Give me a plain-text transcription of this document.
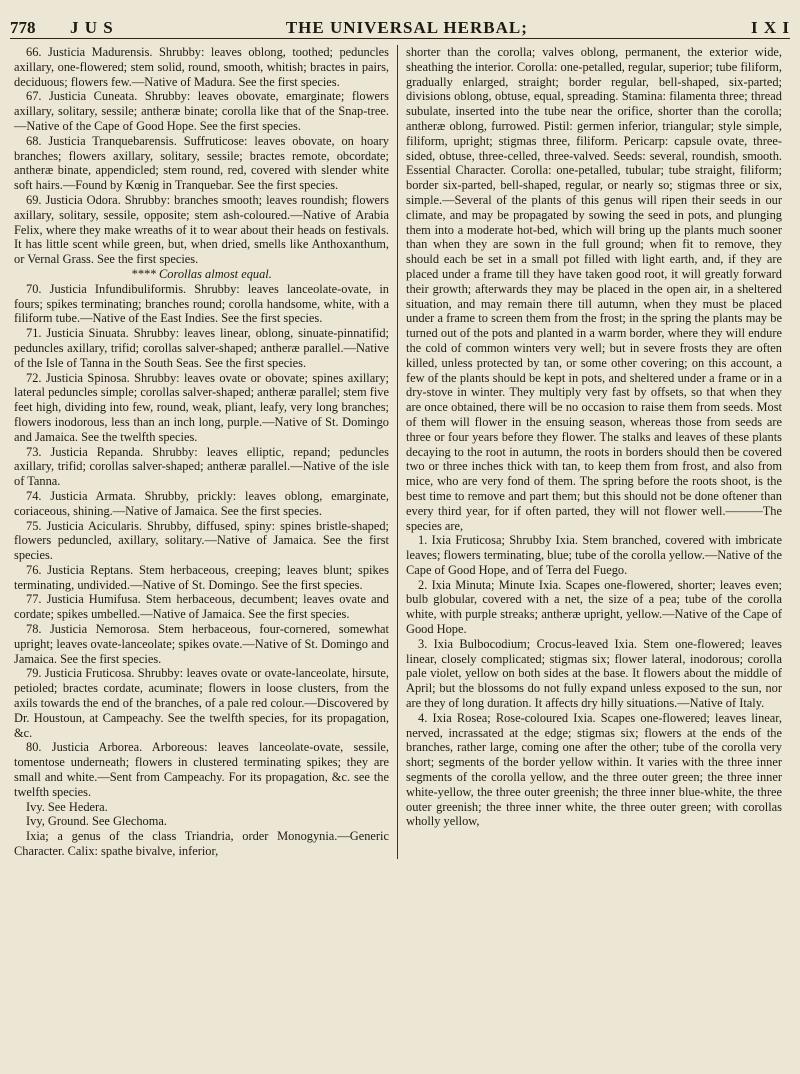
778	J U S	THE UNIVERSAL HERBAL;	I X I

66. Justicia Madurensis. Shrubby: leaves oblong, toothed; peduncles axillary, one-flowered; stem solid, round, smooth, whitish; bractes in pairs, deciduous; flowers few.—Native of Madura. See the first species.

67. Justicia Cuneata. Shrubby: leaves obovate, emarginate; flowers axillary, solitary, sessile; antheræ binate; corolla like that of the Snap-tree.—Native of the Cape of Good Hope. See the first species.

68. Justicia Tranquebarensis. Suffruticose: leaves obovate, on hoary branches; flowers axillary, solitary, sessile; bractes remote, obcordate; antheræ binate, appendicled; stem round, red, covered with slender white soft hairs.—Found by Kœnig in Tranquebar. See the first species.

69. Justicia Odora. Shrubby: branches smooth; leaves roundish; flowers axillary, solitary, sessile, opposite; stem ash-coloured.—Native of Arabia Felix, where they make wreaths of it to wear about their heads on festivals. It has little scent while green, but, when dried, smells like Anthoxanthum, or Vernal Grass. See the first species.

**** Corollas almost equal.

70. Justicia Infundibuliformis. Shrubby: leaves lanceolate-ovate, in fours; spikes terminating; branches round; corolla handsome, white, with a filiform tube.—Native of the East Indies. See the first species.

71. Justicia Sinuata. Shrubby: leaves linear, oblong, sinuate-pinnatifid; peduncles axillary, trifid; corollas salver-shaped; antheræ parallel.—Native of the Isle of Tanna in the South Seas. See the first species.

72. Justicia Spinosa. Shrubby: leaves ovate or obovate; spines axillary; lateral peduncles simple; corollas salver-shaped; antheræ parallel; stem five feet high, dividing into few, round, weak, pliant, leafy, very long branches; flowers inodorous, less than an inch long, purple.—Native of St. Domingo and Jamaica. See the twelfth species.

73. Justicia Repanda. Shrubby: leaves elliptic, repand; peduncles axillary, trifid; corollas salver-shaped; antheræ parallel.—Native of the isle of Tanna.

74. Justicia Armata. Shrubby, prickly: leaves oblong, emarginate, coriaceous, shining.—Native of Jamaica. See the first species.

75. Justicia Acicularis. Shrubby, diffused, spiny: spines bristle-shaped; flowers peduncled, axillary, solitary.—Native of Jamaica. See the first species.

76. Justicia Reptans. Stem herbaceous, creeping; leaves blunt; spikes terminating, undivided.—Native of St. Domingo. See the first species.

77. Justicia Humifusa. Stem herbaceous, decumbent; leaves ovate and cordate; spikes umbelled.—Native of Jamaica. See the first species.

78. Justicia Nemorosa. Stem herbaceous, four-cornered, somewhat upright; leaves ovate-lanceolate; spikes ovate.—Native of St. Domingo and Jamaica. See the first species.

79. Justicia Fruticosa. Shrubby: leaves ovate or ovate-lanceolate, hirsute, petioled; bractes cordate, acuminate; flowers in loose clusters, from the axils towards the end of the branches, of a pale red colour.—Discovered by Dr. Houstoun, at Campeachy. See the twelfth species, for its propagation, &c.

80. Justicia Arborea. Arboreous: leaves lanceolate-ovate, sessile, tomentose underneath; flowers in clustered terminating spikes; they are small and white.—Sent from Campeachy. For its propagation, &c. see the twelfth species.

Ivy. See Hedera.

Ivy, Ground. See Glechoma.

Ixia; a genus of the class Triandria, order Monogynia.—Generic Character. Calix: spathe bivalve, inferior,

shorter than the corolla; valves oblong, permanent, the exterior wide, sheathing the interior. Corolla: one-petalled, regular, superior; tube filiform, gradually enlarged, straight; border regular, bell-shaped, six-parted; divisions oblong, obtuse, equal, spreading. Stamina: filamenta three; thread subulate, inserted into the tube near the orifice, shorter than the corolla; antheræ oblong, furrowed. Pistil: germen inferior, triangular; style simple, filiform, upright; stigmas three, filiform. Pericarp: capsule ovate, three-sided, obtuse, three-celled, three-valved. Seeds: several, roundish, smooth. Essential Character. Corolla: one-petalled, tubular; tube straight, filiform; border six-parted, bell-shaped, regular, or nearly so; stigmas three or six, simple.—Several of the plants of this genus will ripen their seeds in our climate, and may be propagated by sowing the seed in pots, and plunging them into a moderate hot-bed, which will bring up the plants much sooner than when they are sown in the full ground; when fit to remove, they should each be set in a small pot filled with light earth, and, if they are placed under a frame till they have taken good root, it will greatly forward their growth; afterwards they may be placed in the open air, in a sheltered situation, and may remain there till autumn, when they must be placed under a frame to screen them from the frost; in the spring the plants may be turned out of the pots and planted in a warm border, where they will endure the cold of common winters very well; but in severe frosts they are often killed, unless protected by tan, or some other covering; on this account, a few of the plants should be kept in pots, and sheltered under a frame or in a dry-stove in winter. They multiply very fast by offsets, so that when they are once obtained, there will be no occasion to raise them from seeds. Most of them will flower in the ensuing season, whereas those from seeds are three or four years before they flower. The stalks and leaves of these plants decaying to the root in autumn, the roots in borders should then be covered two or three inches thick with tan, to keep them from frost, and also from mice, who are very fond of them. The spring before the roots shoot, is the best time to remove and part them; but this should not be done oftener than every third year, for if often parted, they will not flower well.———The species are,

1. Ixia Fruticosa; Shrubby Ixia. Stem branched, covered with imbricate leaves; flowers terminating, blue; tube of the corolla yellow.—Native of the Cape of Good Hope, and of Terra del Fuego.

2. Ixia Minuta; Minute Ixia. Scapes one-flowered, shorter; leaves even; bulb globular, covered with a net, the size of a pea; tube of the corolla white, with purple streaks; antheræ upright, yellow.—Native of the Cape of Good Hope.

3. Ixia Bulbocodium; Crocus-leaved Ixia. Stem one-flowered; leaves linear, closely complicated; stigmas six; flower lateral, inodorous; corolla pale violet, yellow on both sides at the base. It flowers about the middle of April; but the blossoms do not fully expand unless exposed to the sun, nor are they of long duration. It affects dry hilly situations.—Native of Italy.

4. Ixia Rosea; Rose-coloured Ixia. Scapes one-flowered; leaves linear, nerved, incrassated at the edge; stigmas six; flowers at the ends of the branches, rather large, coming one after the other; tube of the corolla very short; segments of the border yellow within. It varies with the three inner segments of the corolla yellow, and the three outer green; the three inner white-yellow, the three outer greenish; the three inner blue-white, the three outer greenish; the three inner white, the three outer green; with corollas wholly yellow,
